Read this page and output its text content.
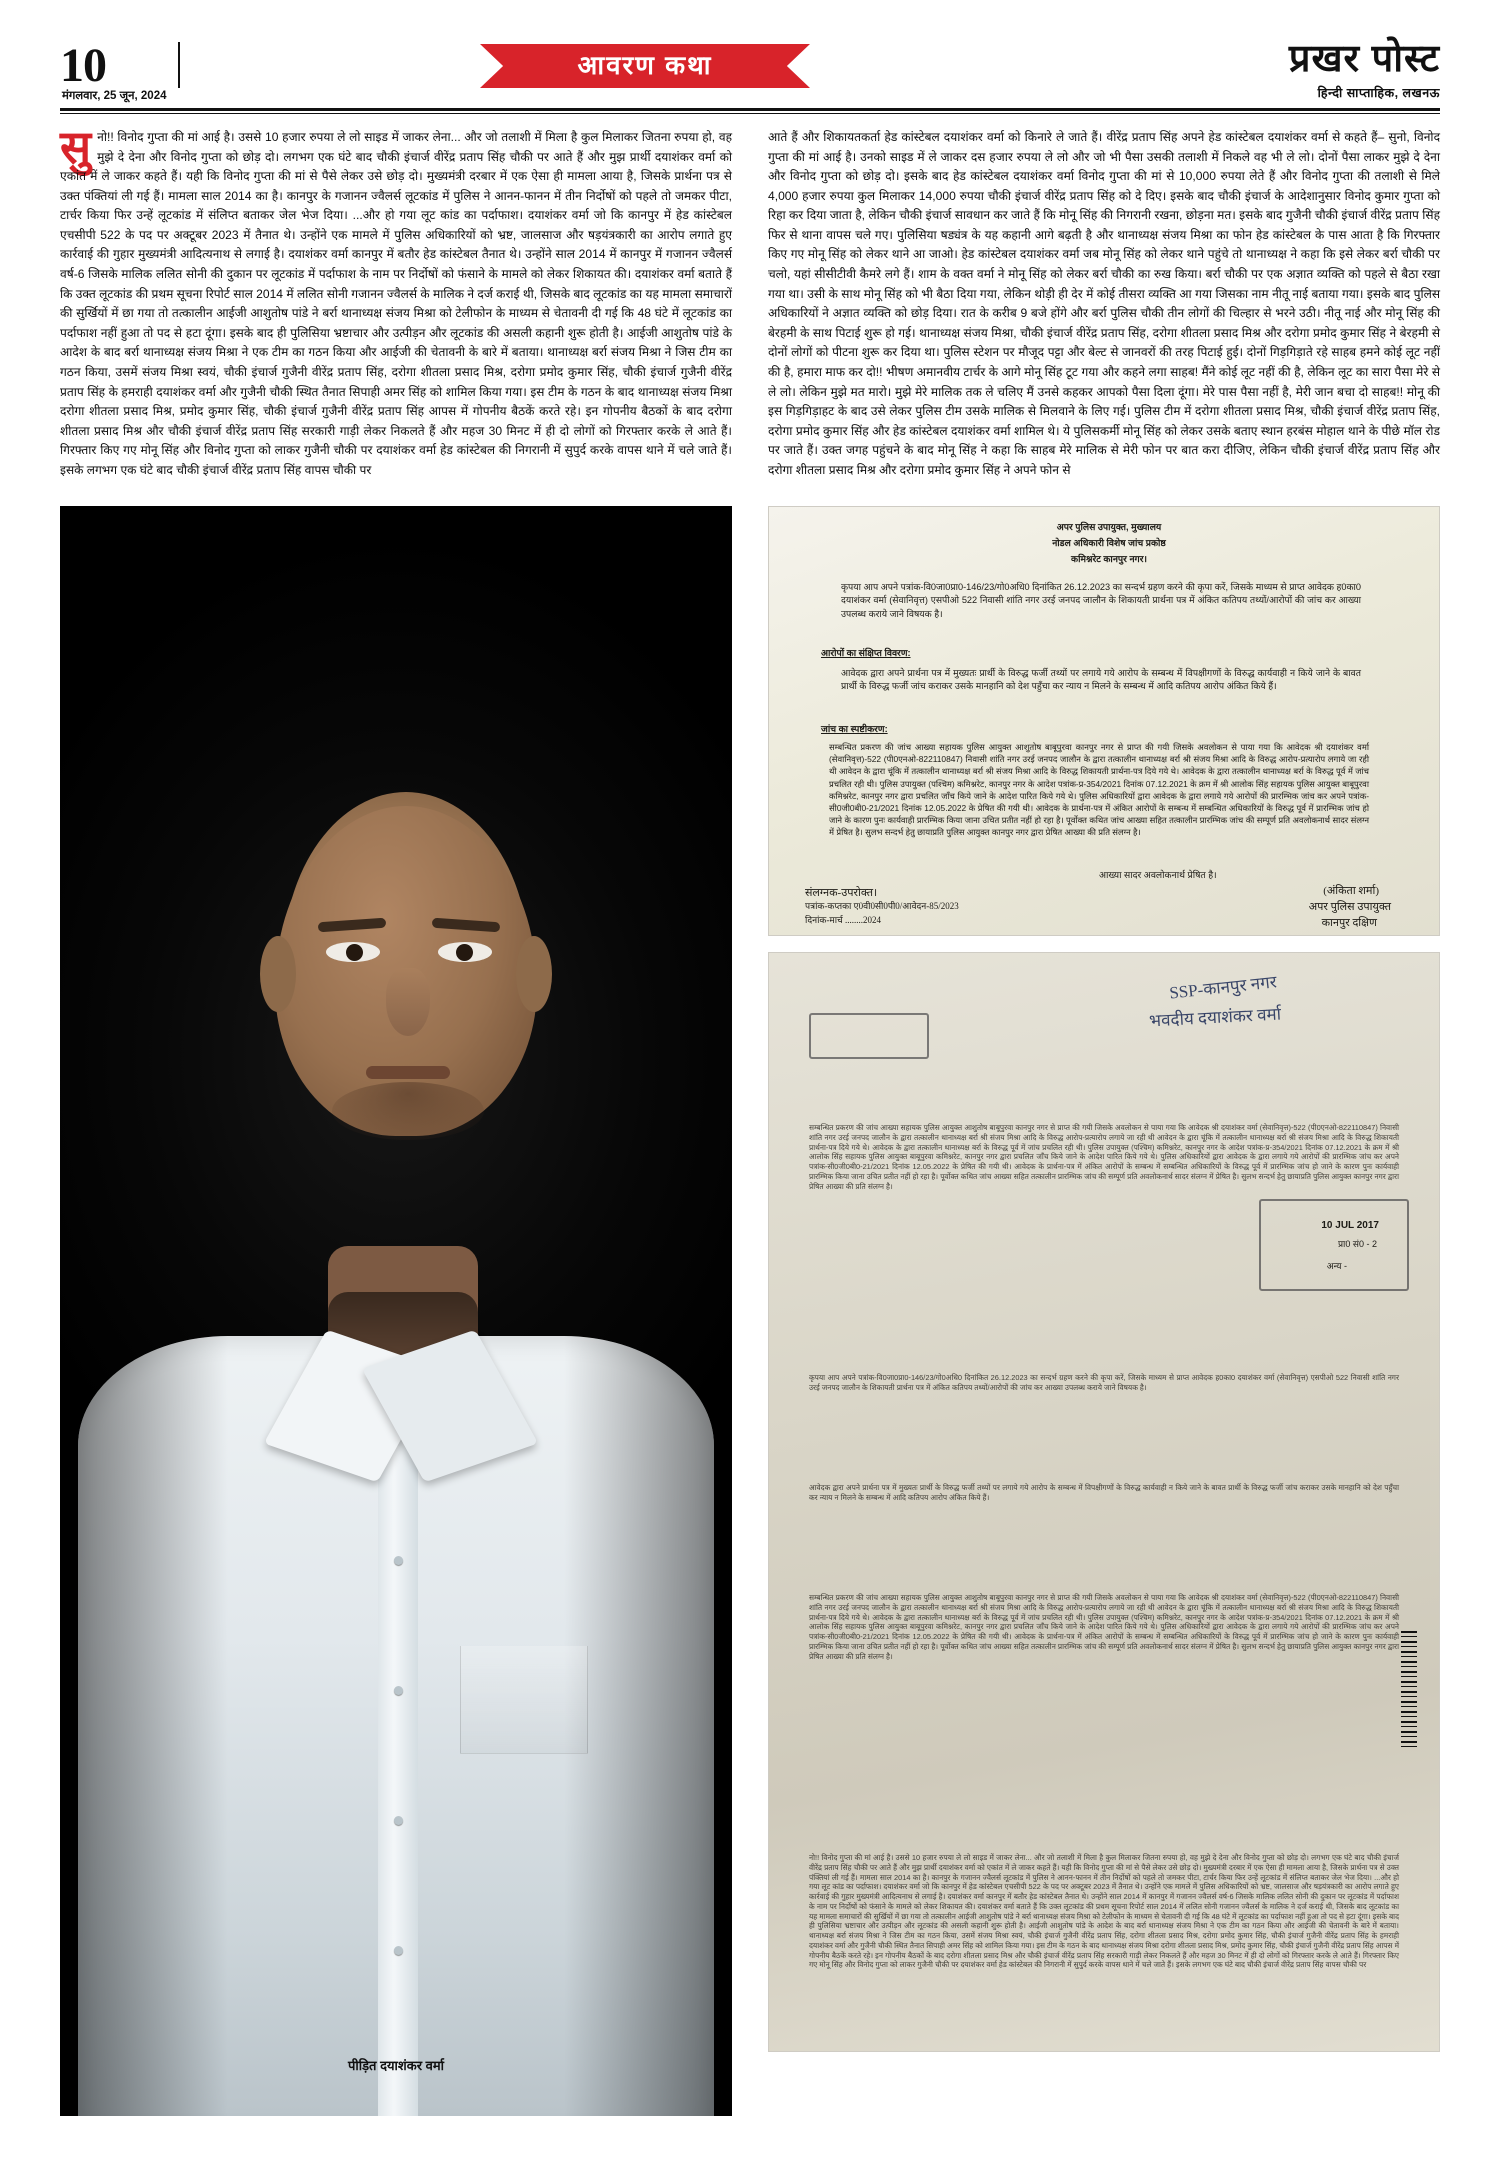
10
मंगलवार, 25 जून, 2024
आवरण कथा	प्रखर पोस्ट
हिन्दी साप्ताहिक, लखनऊ
सु नो!! विनोद गुप्ता की मां आई है। उससे 10 हजार रुपया ले लो साइड में जाकर लेना... और जो तलाशी में मिला है कुल मिलाकर जितना रुपया हो, वह मुझे दे देना और विनोद गुप्ता को छोड़ दो। लगभग एक घंटे बाद चौकी इंचार्ज वीरेंद्र प्रताप सिंह चौकी पर आते हैं और मुझ प्रार्थी दयाशंकर वर्मा को एकांत में ले जाकर कहते हैं। यही कि विनोद गुप्ता की मां से पैसे लेकर उसे छोड़ दो। मुख्यमंत्री दरबार में एक ऐसा ही मामला आया है, जिसके प्रार्थना पत्र से उक्त पंक्तियां ली गई हैं। मामला साल 2014 का है। कानपुर के गजानन ज्वैलर्स लूटकांड में पुलिस ने आनन-फानन में तीन निर्दोषों को पहले तो जमकर पीटा, टार्चर किया फिर उन्हें लूटकांड में संलिप्त बताकर जेल भेज दिया। ...और हो गया लूट कांड का पर्दाफाश। दयाशंकर वर्मा जो कि कानपुर में हेड कांस्टेबल एचसीपी 522 के पद पर अक्टूबर 2023 में तैनात थे। उन्होंने एक मामले में पुलिस अधिकारियों को भ्रष्ट, जालसाज और षड़यंत्रकारी का आरोप लगाते हुए कार्रवाई की गुहार मुख्यमंत्री आदित्यनाथ से लगाई है। दयाशंकर वर्मा कानपुर में बतौर हेड कांस्टेबल तैनात थे। उन्होंने साल 2014 में कानपुर में गजानन ज्वैलर्स वर्ष-6 जिसके मालिक ललित सोनी की दुकान पर लूटकांड में पर्दाफाश के नाम पर निर्दोषों को फंसाने के मामले को लेकर शिकायत की। दयाशंकर वर्मा बताते हैं कि उक्त लूटकांड की प्रथम सूचना रिपोर्ट साल 2014 में ललित सोनी गजानन ज्वैलर्स के मालिक ने दर्ज कराई थी, जिसके बाद लूटकांड का यह मामला समाचारों की सुर्खियों में छा गया तो तत्कालीन आईजी आशुतोष पांडे ने बर्रा थानाध्यक्ष संजय मिश्रा को टेलीफोन के माध्यम से चेतावनी दी गई कि 48 घंटे में लूटकांड का पर्दाफाश नहीं हुआ तो पद से हटा दूंगा। इसके बाद ही पुलिसिया भ्रष्टाचार और उत्पीड़न और लूटकांड की असली कहानी शुरू होती है। आईजी आशुतोष पांडे के आदेश के बाद बर्रा थानाध्यक्ष संजय मिश्रा ने एक टीम का गठन किया और आईजी की चेतावनी के बारे में बताया। थानाध्यक्ष बर्रा संजय मिश्रा ने जिस टीम का गठन किया, उसमें संजय मिश्रा स्वयं, चौकी इंचार्ज गुजैनी वीरेंद्र प्रताप सिंह, दरोगा शीतला प्रसाद मिश्र, दरोगा प्रमोद कुमार सिंह, चौकी इंचार्ज गुजैनी वीरेंद्र प्रताप सिंह के हमराही दयाशंकर वर्मा और गुजैनी चौकी स्थित तैनात सिपाही अमर सिंह को शामिल किया गया। इस टीम के गठन के बाद थानाध्यक्ष संजय मिश्रा दरोगा शीतला प्रसाद मिश्र, प्रमोद कुमार सिंह, चौकी इंचार्ज गुजैनी वीरेंद्र प्रताप सिंह आपस में गोपनीय बैठकें करते रहे। इन गोपनीय बैठकों के बाद दरोगा शीतला प्रसाद मिश्र और चौकी इंचार्ज वीरेंद्र प्रताप सिंह सरकारी गाड़ी लेकर निकलते हैं और महज 30 मिनट में ही दो लोगों को गिरफ्तार करके ले आते हैं। गिरफ्तार किए गए मोनू सिंह और विनोद गुप्ता को लाकर गुजैनी चौकी पर दयाशंकर वर्मा हेड कांस्टेबल की निगरानी में सुपुर्द करके वापस थाने में चले जाते हैं। इसके लगभग एक घंटे बाद चौकी इंचार्ज वीरेंद्र प्रताप सिंह वापस चौकी पर

आते हैं और शिकायतकर्ता हेड कांस्टेबल दयाशंकर वर्मा को किनारे ले जाते हैं। वीरेंद्र प्रताप सिंह अपने हेड कांस्टेबल दयाशंकर वर्मा से कहते हैं– सुनो, विनोद गुप्ता की मां आई है। उनको साइड में ले जाकर दस हजार रुपया ले लो और जो भी पैसा उसकी तलाशी में निकले वह भी ले लो। दोनों पैसा लाकर मुझे दे देना और विनोद गुप्ता को छोड़ दो। इसके बाद हेड कांस्टेबल दयाशंकर वर्मा विनोद गुप्ता की मां से 10,000 रुपया लेते हैं और विनोद गुप्ता की तलाशी से मिले 4,000 हजार रुपया कुल मिलाकर 14,000 रुपया चौकी इंचार्ज वीरेंद्र प्रताप सिंह को दे दिए। इसके बाद चौकी इंचार्ज के आदेशानुसार विनोद कुमार गुप्ता को रिहा कर दिया जाता है, लेकिन चौकी इंचार्ज सावधान कर जाते हैं कि मोनू सिंह की निगरानी रखना, छोड़ना मत। इसके बाद गुजैनी चौकी इंचार्ज वीरेंद्र प्रताप सिंह फिर से थाना वापस चले गए। पुलिसिया षड्यंत्र के यह कहानी आगे बढ़ती है और थानाध्यक्ष संजय मिश्रा का फोन हेड कांस्टेबल के पास आता है कि गिरफ्तार किए गए मोनू सिंह को लेकर थाने आ जाओ। हेड कांस्टेबल दयाशंकर वर्मा जब मोनू सिंह को लेकर थाने पहुंचे तो थानाध्यक्ष ने कहा कि इसे लेकर बर्रा चौकी पर चलो, यहां सीसीटीवी कैमरे लगे हैं। शाम के वक्त वर्मा ने मोनू सिंह को लेकर बर्रा चौकी का रुख किया। बर्रा चौकी पर एक अज्ञात व्यक्ति को पहले से बैठा रखा गया था। उसी के साथ मोनू सिंह को भी बैठा दिया गया, लेकिन थोड़ी ही देर में कोई तीसरा व्यक्ति आ गया जिसका नाम नीतू नाई बताया गया। इसके बाद पुलिस अधिकारियों ने अज्ञात व्यक्ति को छोड़ दिया। रात के करीब 9 बजे होंगे और बर्रा पुलिस चौकी तीन लोगों की चिल्हार से भरने उठी। नीतू नाई और मोनू सिंह की बेरहमी के साथ पिटाई शुरू हो गई। थानाध्यक्ष संजय मिश्रा, चौकी इंचार्ज वीरेंद्र प्रताप सिंह, दरोगा शीतला प्रसाद मिश्र और दरोगा प्रमोद कुमार सिंह ने बेरहमी से दोनों लोगों को पीटना शुरू कर दिया था। पुलिस स्टेशन पर मौजूद पट्टा और बेल्ट से जानवरों की तरह पिटाई हुई। दोनों गिड़गिड़ाते रहे साहब हमने कोई लूट नहीं की है, हमारा माफ कर दो!! भीषण अमानवीय टार्चर के आगे मोनू सिंह टूट गया और कहने लगा साहब! मैंने कोई लूट नहीं की है, लेकिन लूट का सारा पैसा मेरे से ले लो। लेकिन मुझे मत मारो। मुझे मेरे मालिक तक ले चलिए मैं उनसे कहकर आपको पैसा दिला दूंगा। मेरे पास पैसा नहीं है, मेरी जान बचा दो साहब!! मोनू की इस गिड़गिड़ाहट के बाद उसे लेकर पुलिस टीम उसके मालिक से मिलवाने के लिए गई। पुलिस टीम में दरोगा शीतला प्रसाद मिश्र, चौकी इंचार्ज वीरेंद्र प्रताप सिंह, दरोगा प्रमोद कुमार सिंह और हेड कांस्टेबल दयाशंकर वर्मा शामिल थे। ये पुलिसकर्मी मोनू सिंह को लेकर उसके बताए स्थान हरबंस मोहाल थाने के पीछे मॉल रोड पर जाते हैं। उक्त जगह पहुंचने के बाद मोनू सिंह ने कहा कि साहब मेरे मालिक से मेरी फोन पर बात करा दीजिए, लेकिन चौकी इंचार्ज वीरेंद्र प्रताप सिंह और दरोगा शीतला प्रसाद मिश्र और दरोगा प्रमोद कुमार सिंह ने अपने फोन से

पीड़ित दयाशंकर वर्मा
अपर पुलिस उपायुक्त, मुख्यालय
नोडल अधिकारी विशेष जांच प्रकोष्ठ
कमिश्नरेट कानपुर नगर।
कृपया आप अपने पत्रांक-वि0जा0प्रा0-146/23/गो0अधि0 दिनांकित 26.12.2023 का सन्दर्भ ग्रहण करने की कृपा करें, जिसके माध्यम से प्राप्त आवेदक ह0का0 दयाशंकर वर्मा (सेवानिवृत्त) एसपीओ 522 निवासी शांति नगर उरई जनपद जालौन के शिकायती प्रार्थना पत्र में अंकित कतिपय तथ्यों/आरोपों की जांच कर आख्या उपलब्ध कराये जाने विषयक है।
आरोपों का संक्षिप्त विवरण:
आवेदक द्वारा अपने प्रार्थना पत्र में मुख्यतः प्रार्थी के विरुद्ध फर्जी तथ्यों पर लगाये गये आरोप के सम्बन्ध में विपक्षीगणों के विरुद्ध कार्यवाही न किये जाने के बावत प्रार्थी के विरुद्ध फर्जी जांच कराकर उसके मानहानि को देश पहुँचा कर न्याय न मिलने के सम्बन्ध में आदि कतिपय आरोप अंकित किये हैं।
जांच का स्पष्टीकरण:
सम्बन्धित प्रकरण की जांच आख्या सहायक पुलिस आयुक्त आशुतोष बाबूपुरवा कानपुर नगर से प्राप्त की गयी जिसके अवलोकन से पाया गया कि आवेदक श्री दयाशंकर वर्मा (सेवानिवृत्त)-522 (पी0एनओ-822110847) निवासी शांति नगर उरई जनपद जालौन के द्वारा तत्कालीन थानाध्यक्ष बर्रा श्री संजय मिश्रा आदि के विरुद्ध आरोप-प्रत्यारोप लगाये जा रही थी आवेदन के द्वारा चूंकि में तत्कालीन थानाध्यक्ष बर्रा श्री संजय मिश्रा आदि के विरुद्ध शिकायती प्रार्थना-पत्र दिये गये थे। आवेदक के द्वारा तत्कालीन थानाध्यक्ष बर्रा के विरुद्ध पूर्व में जांच प्रचलित रही थी। पुलिस उपायुक्त (पश्चिम) कमिश्नरेट, कानपुर नगर के आदेश पत्रांक-प्र-354/2021 दिनांक 07.12.2021 के क्रम में श्री आलोक सिंह सहायक पुलिस आयुक्त बाबूपुरवा कमिश्नरेट, कानपुर नगर द्वारा प्रचलित जाँच किये जाने के आदेश पारित किये गये थे। पुलिस अधिकारियों द्वारा आवेदक के द्वारा लगाये गये आरोपों की प्रारम्भिक जांच कर अपने पत्रांक-सी0जी0बी0-21/2021 दिनांक 12.05.2022 के प्रेषित की गयी थी। आवेदक के प्रार्थना-पत्र में अंकित आरोपों के सम्बन्ध में सम्बन्धित अधिकारियों के विरुद्ध पूर्व में प्रारम्भिक जांच हो जाने के कारण पुनः कार्यवाही प्रारम्भिक किया जाना उचित प्रतीत नहीं हो रहा है। पूर्वोक्त कथित जांच आख्या सहित तत्कालीन प्रारम्भिक जांच की सम्पूर्ण प्रति अवलोकनार्थ सादर संलग्न में प्रेषित है। सुलभ सन्दर्भ हेतु छायाप्रति पुलिस आयुक्त कानपुर नगर द्वारा प्रेषित आख्या की प्रति संलग्न है।
आख्या सादर अवलोकनार्थ प्रेषित है।
संलग्नक-उपरोक्त।
पत्रांक-कप्तका ए0वी0सी0पी0/आवेदन-85/2023
दिनांक-मार्च ........2024
(अंकिता शर्मा)
अपर पुलिस उपायुक्त
कानपुर दक्षिण
SSP-कानपुर नगर
भवदीय दयाशंकर वर्मा
10 JUL 2017
प्रा0 सं0 - 2
अन्य -
सम्बन्धित प्रकरण की जांच आख्या सहायक पुलिस आयुक्त आशुतोष बाबूपुरवा कानपुर नगर से प्राप्त की गयी जिसके अवलोकन से पाया गया कि आवेदक श्री दयाशंकर वर्मा (सेवानिवृत्त)-522 (पी0एनओ-822110847) निवासी शांति नगर उरई जनपद जालौन के द्वारा तत्कालीन थानाध्यक्ष बर्रा श्री संजय मिश्रा आदि के विरुद्ध आरोप-प्रत्यारोप लगाये जा रही थी आवेदन के द्वारा चूंकि में तत्कालीन थानाध्यक्ष बर्रा श्री संजय मिश्रा आदि के विरुद्ध शिकायती प्रार्थना-पत्र दिये गये थे। आवेदक के द्वारा तत्कालीन थानाध्यक्ष बर्रा के विरुद्ध पूर्व में जांच प्रचलित रही थी। पुलिस उपायुक्त (पश्चिम) कमिश्नरेट, कानपुर नगर के आदेश पत्रांक-प्र-354/2021 दिनांक 07.12.2021 के क्रम में श्री आलोक सिंह सहायक पुलिस आयुक्त बाबूपुरवा कमिश्नरेट, कानपुर नगर द्वारा प्रचलित जाँच किये जाने के आदेश पारित किये गये थे। पुलिस अधिकारियों द्वारा आवेदक के द्वारा लगाये गये आरोपों की प्रारम्भिक जांच कर अपने पत्रांक-सी0जी0बी0-21/2021 दिनांक 12.05.2022 के प्रेषित की गयी थी। आवेदक के प्रार्थना-पत्र में अंकित आरोपों के सम्बन्ध में सम्बन्धित अधिकारियों के विरुद्ध पूर्व में प्रारम्भिक जांच हो जाने के कारण पुनः कार्यवाही प्रारम्भिक किया जाना उचित प्रतीत नहीं हो रहा है। पूर्वोक्त कथित जांच आख्या सहित तत्कालीन प्रारम्भिक जांच की सम्पूर्ण प्रति अवलोकनार्थ सादर संलग्न में प्रेषित है। सुलभ सन्दर्भ हेतु छायाप्रति पुलिस आयुक्त कानपुर नगर द्वारा प्रेषित आख्या की प्रति संलग्न है।
कृपया आप अपने पत्रांक-वि0जा0प्रा0-146/23/गो0अधि0 दिनांकित 26.12.2023 का सन्दर्भ ग्रहण करने की कृपा करें, जिसके माध्यम से प्राप्त आवेदक ह0का0 दयाशंकर वर्मा (सेवानिवृत्त) एसपीओ 522 निवासी शांति नगर उरई जनपद जालौन के शिकायती प्रार्थना पत्र में अंकित कतिपय तथ्यों/आरोपों की जांच कर आख्या उपलब्ध कराये जाने विषयक है।
आवेदक द्वारा अपने प्रार्थना पत्र में मुख्यतः प्रार्थी के विरुद्ध फर्जी तथ्यों पर लगाये गये आरोप के सम्बन्ध में विपक्षीगणों के विरुद्ध कार्यवाही न किये जाने के बावत प्रार्थी के विरुद्ध फर्जी जांच कराकर उसके मानहानि को देश पहुँचा कर न्याय न मिलने के सम्बन्ध में आदि कतिपय आरोप अंकित किये हैं।
सम्बन्धित प्रकरण की जांच आख्या सहायक पुलिस आयुक्त आशुतोष बाबूपुरवा कानपुर नगर से प्राप्त की गयी जिसके अवलोकन से पाया गया कि आवेदक श्री दयाशंकर वर्मा (सेवानिवृत्त)-522 (पी0एनओ-822110847) निवासी शांति नगर उरई जनपद जालौन के द्वारा तत्कालीन थानाध्यक्ष बर्रा श्री संजय मिश्रा आदि के विरुद्ध आरोप-प्रत्यारोप लगाये जा रही थी आवेदन के द्वारा चूंकि में तत्कालीन थानाध्यक्ष बर्रा श्री संजय मिश्रा आदि के विरुद्ध शिकायती प्रार्थना-पत्र दिये गये थे। आवेदक के द्वारा तत्कालीन थानाध्यक्ष बर्रा के विरुद्ध पूर्व में जांच प्रचलित रही थी। पुलिस उपायुक्त (पश्चिम) कमिश्नरेट, कानपुर नगर के आदेश पत्रांक-प्र-354/2021 दिनांक 07.12.2021 के क्रम में श्री आलोक सिंह सहायक पुलिस आयुक्त बाबूपुरवा कमिश्नरेट, कानपुर नगर द्वारा प्रचलित जाँच किये जाने के आदेश पारित किये गये थे। पुलिस अधिकारियों द्वारा आवेदक के द्वारा लगाये गये आरोपों की प्रारम्भिक जांच कर अपने पत्रांक-सी0जी0बी0-21/2021 दिनांक 12.05.2022 के प्रेषित की गयी थी। आवेदक के प्रार्थना-पत्र में अंकित आरोपों के सम्बन्ध में सम्बन्धित अधिकारियों के विरुद्ध पूर्व में प्रारम्भिक जांच हो जाने के कारण पुनः कार्यवाही प्रारम्भिक किया जाना उचित प्रतीत नहीं हो रहा है। पूर्वोक्त कथित जांच आख्या सहित तत्कालीन प्रारम्भिक जांच की सम्पूर्ण प्रति अवलोकनार्थ सादर संलग्न में प्रेषित है। सुलभ सन्दर्भ हेतु छायाप्रति पुलिस आयुक्त कानपुर नगर द्वारा प्रेषित आख्या की प्रति संलग्न है।
नो!! विनोद गुप्ता की मां आई है। उससे 10 हजार रुपया ले लो साइड में जाकर लेना... और जो तलाशी में मिला है कुल मिलाकर जितना रुपया हो, वह मुझे दे देना और विनोद गुप्ता को छोड़ दो। लगभग एक घंटे बाद चौकी इंचार्ज वीरेंद्र प्रताप सिंह चौकी पर आते हैं और मुझ प्रार्थी दयाशंकर वर्मा को एकांत में ले जाकर कहते हैं। यही कि विनोद गुप्ता की मां से पैसे लेकर उसे छोड़ दो। मुख्यमंत्री दरबार में एक ऐसा ही मामला आया है, जिसके प्रार्थना पत्र से उक्त पंक्तियां ली गई हैं। मामला साल 2014 का है। कानपुर के गजानन ज्वैलर्स लूटकांड में पुलिस ने आनन-फानन में तीन निर्दोषों को पहले तो जमकर पीटा, टार्चर किया फिर उन्हें लूटकांड में संलिप्त बताकर जेल भेज दिया। ...और हो गया लूट कांड का पर्दाफाश। दयाशंकर वर्मा जो कि कानपुर में हेड कांस्टेबल एचसीपी 522 के पद पर अक्टूबर 2023 में तैनात थे। उन्होंने एक मामले में पुलिस अधिकारियों को भ्रष्ट, जालसाज और षड़यंत्रकारी का आरोप लगाते हुए कार्रवाई की गुहार मुख्यमंत्री आदित्यनाथ से लगाई है। दयाशंकर वर्मा कानपुर में बतौर हेड कांस्टेबल तैनात थे। उन्होंने साल 2014 में कानपुर में गजानन ज्वैलर्स वर्ष-6 जिसके मालिक ललित सोनी की दुकान पर लूटकांड में पर्दाफाश के नाम पर निर्दोषों को फंसाने के मामले को लेकर शिकायत की। दयाशंकर वर्मा बताते हैं कि उक्त लूटकांड की प्रथम सूचना रिपोर्ट साल 2014 में ललित सोनी गजानन ज्वैलर्स के मालिक ने दर्ज कराई थी, जिसके बाद लूटकांड का यह मामला समाचारों की सुर्खियों में छा गया तो तत्कालीन आईजी आशुतोष पांडे ने बर्रा थानाध्यक्ष संजय मिश्रा को टेलीफोन के माध्यम से चेतावनी दी गई कि 48 घंटे में लूटकांड का पर्दाफाश नहीं हुआ तो पद से हटा दूंगा। इसके बाद ही पुलिसिया भ्रष्टाचार और उत्पीड़न और लूटकांड की असली कहानी शुरू होती है। आईजी आशुतोष पांडे के आदेश के बाद बर्रा थानाध्यक्ष संजय मिश्रा ने एक टीम का गठन किया और आईजी की चेतावनी के बारे में बताया। थानाध्यक्ष बर्रा संजय मिश्रा ने जिस टीम का गठन किया, उसमें संजय मिश्रा स्वयं, चौकी इंचार्ज गुजैनी वीरेंद्र प्रताप सिंह, दरोगा शीतला प्रसाद मिश्र, दरोगा प्रमोद कुमार सिंह, चौकी इंचार्ज गुजैनी वीरेंद्र प्रताप सिंह के हमराही दयाशंकर वर्मा और गुजैनी चौकी स्थित तैनात सिपाही अमर सिंह को शामिल किया गया। इस टीम के गठन के बाद थानाध्यक्ष संजय मिश्रा दरोगा शीतला प्रसाद मिश्र, प्रमोद कुमार सिंह, चौकी इंचार्ज गुजैनी वीरेंद्र प्रताप सिंह आपस में गोपनीय बैठकें करते रहे। इन गोपनीय बैठकों के बाद दरोगा शीतला प्रसाद मिश्र और चौकी इंचार्ज वीरेंद्र प्रताप सिंह सरकारी गाड़ी लेकर निकलते हैं और महज 30 मिनट में ही दो लोगों को गिरफ्तार करके ले आते हैं। गिरफ्तार किए गए मोनू सिंह और विनोद गुप्ता को लाकर गुजैनी चौकी पर दयाशंकर वर्मा हेड कांस्टेबल की निगरानी में सुपुर्द करके वापस थाने में चले जाते हैं। इसके लगभग एक घंटे बाद चौकी इंचार्ज वीरेंद्र प्रताप सिंह वापस चौकी पर
